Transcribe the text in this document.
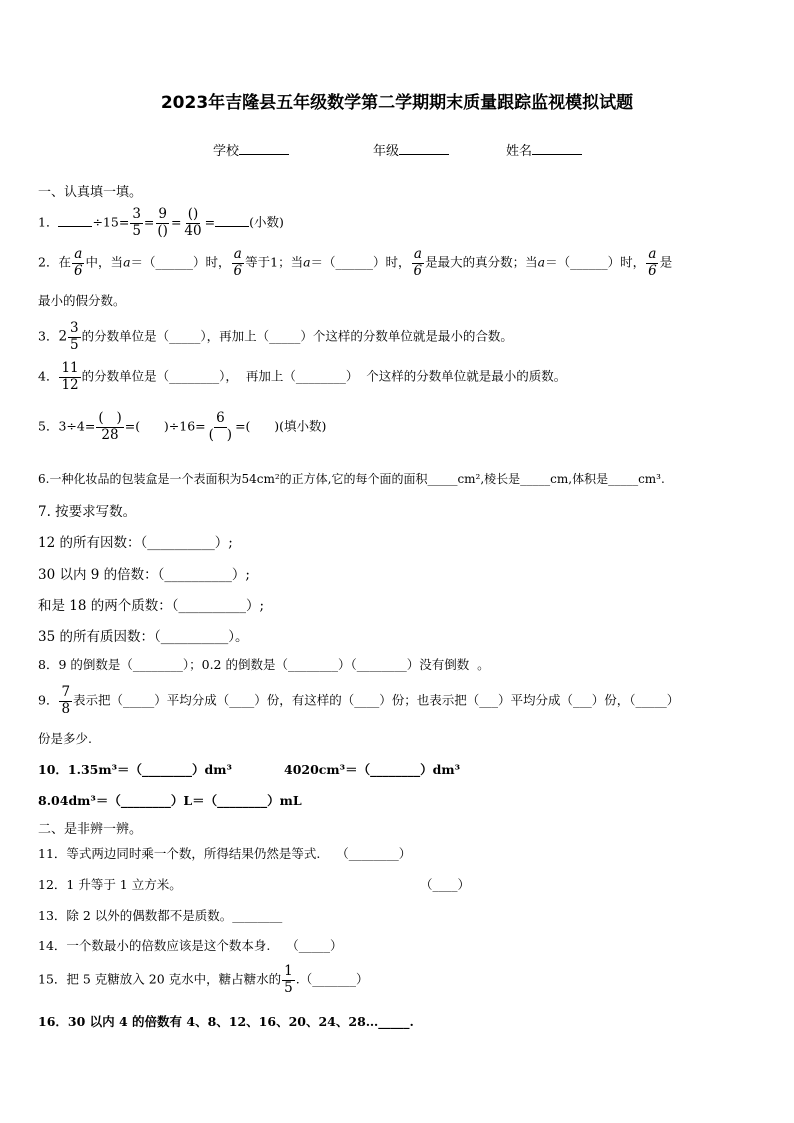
2023年吉隆县五年级数学第二学期期末质量跟踪监视模拟试题
学校	年级	姓名
一、认真填一填。
1．	$\div 15= \frac{3}{5} = \frac{9}{()} = \frac{()}{40}$ =	(小数)
2．在 $\frac{a}{6}$ 中，当a＝（______）时， $\frac{a}{6}$ 等于1；当a＝（______）时， $\frac{a}{6}$ 是最大的真分数；当a＝（______）时， $\frac{a}{6}$ 是
最小的假分数。
3．$2 \frac{3}{5}$ 的分数单位是（_____），再加上（_____）个这样的分数单位就是最小的合数。
4． $\frac{11}{12}$ 的分数单位是（________），  再加上（________）  个这样的分数单位就是最小的质数。
5．$3\div 4= \frac{( )}{28}$ =(      )$\div 16= \frac{6}{( )}$ =(      )(填小数)
6.一种化妆品的包装盒是一个表面积为54cm²的正方体,它的每个面的面积_____cm²,棱长是_____cm,体积是_____cm³.
7. 按要求写数。
12 的所有因数：（__________）;
30 以内 9 的倍数：（__________）;
和是 18 的两个质数：（__________）;
35 的所有质因数：（__________）。
8．9 的倒数是（________）；0.2 的倒数是（________）（________）没有倒数  。
9． $\frac{7}{8}$ 表示把（_____）平均分成（____）份，有这样的（____）份；也表示把（___）平均分成（___）份，（_____）
份是多少.
10．1.35m³＝（________）dm³	4020cm³＝（________）dm³
8.04dm³＝（________）L＝（________）mL
二、是非辨一辨。
11．等式两边同时乘一个数，所得结果仍然是等式.    （________）
12．1 升等于 1 立方米。	（____）
13．除 2 以外的偶数都不是质数。________
14．一个数最小的倍数应该是这个数本身.    （_____）
15．把 5 克糖放入 20 克水中，糖占糖水的 $\frac{1}{5}$ .（_______）
16．30 以内 4 的倍数有 4、8、12、16、20、24、28…_____.
